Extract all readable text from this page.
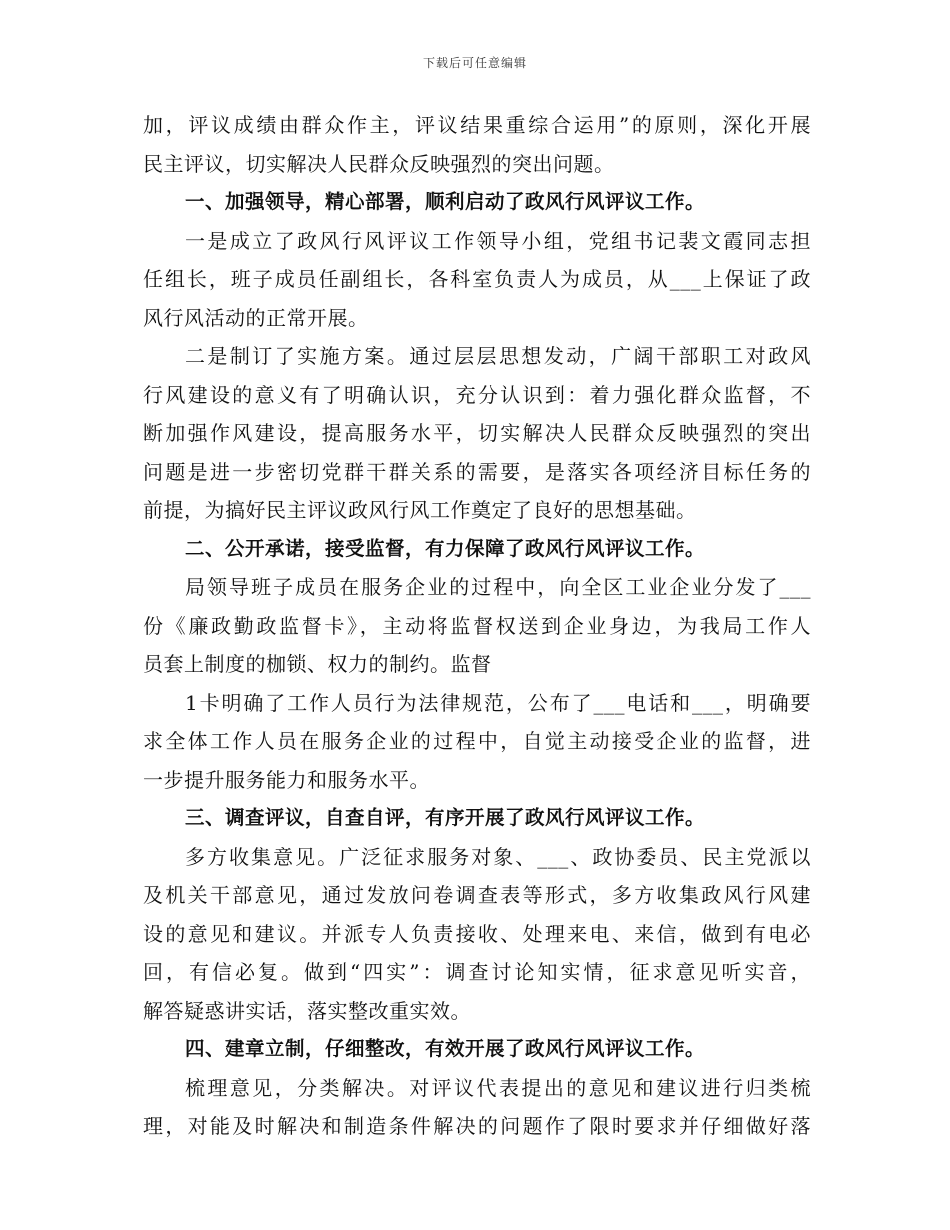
下载后可任意编辑
加，评议成绩由群众作主，评议结果重综合运用”的原则，深化开展
民主评议，切实解决人民群众反映强烈的突出问题。
一、加强领导，精心部署，顺利启动了政风行风评议工作。
一是成立了政风行风评议工作领导小组，党组书记裴文霞同志担
任组长，班子成员任副组长，各科室负责人为成员，从___上保证了政
风行风活动的正常开展。
二是制订了实施方案。通过层层思想发动，广阔干部职工对政风
行风建设的意义有了明确认识，充分认识到：着力强化群众监督，不
断加强作风建设，提高服务水平，切实解决人民群众反映强烈的突出
问题是进一步密切党群干群关系的需要，是落实各项经济目标任务的
前提，为搞好民主评议政风行风工作奠定了良好的思想基础。
二、公开承诺，接受监督，有力保障了政风行风评议工作。
局领导班子成员在服务企业的过程中，向全区工业企业分发了___
份《廉政勤政监督卡》，主动将监督权送到企业身边，为我局工作人
员套上制度的枷锁、权力的制约。监督
1卡明确了工作人员行为法律规范，公布了___电话和___，明确要
求全体工作人员在服务企业的过程中，自觉主动接受企业的监督，进
一步提升服务能力和服务水平。
三、调查评议，自查自评，有序开展了政风行风评议工作。
多方收集意见。广泛征求服务对象、___、政协委员、民主党派以
及机关干部意见，通过发放问卷调查表等形式，多方收集政风行风建
设的意见和建议。并派专人负责接收、处理来电、来信，做到有电必
回，有信必复。做到“四实”：调查讨论知实情，征求意见听实音，
解答疑惑讲实话，落实整改重实效。
四、建章立制，仔细整改，有效开展了政风行风评议工作。
梳理意见，分类解决。对评议代表提出的意见和建议进行归类梳
理，对能及时解决和制造条件解决的问题作了限时要求并仔细做好落
